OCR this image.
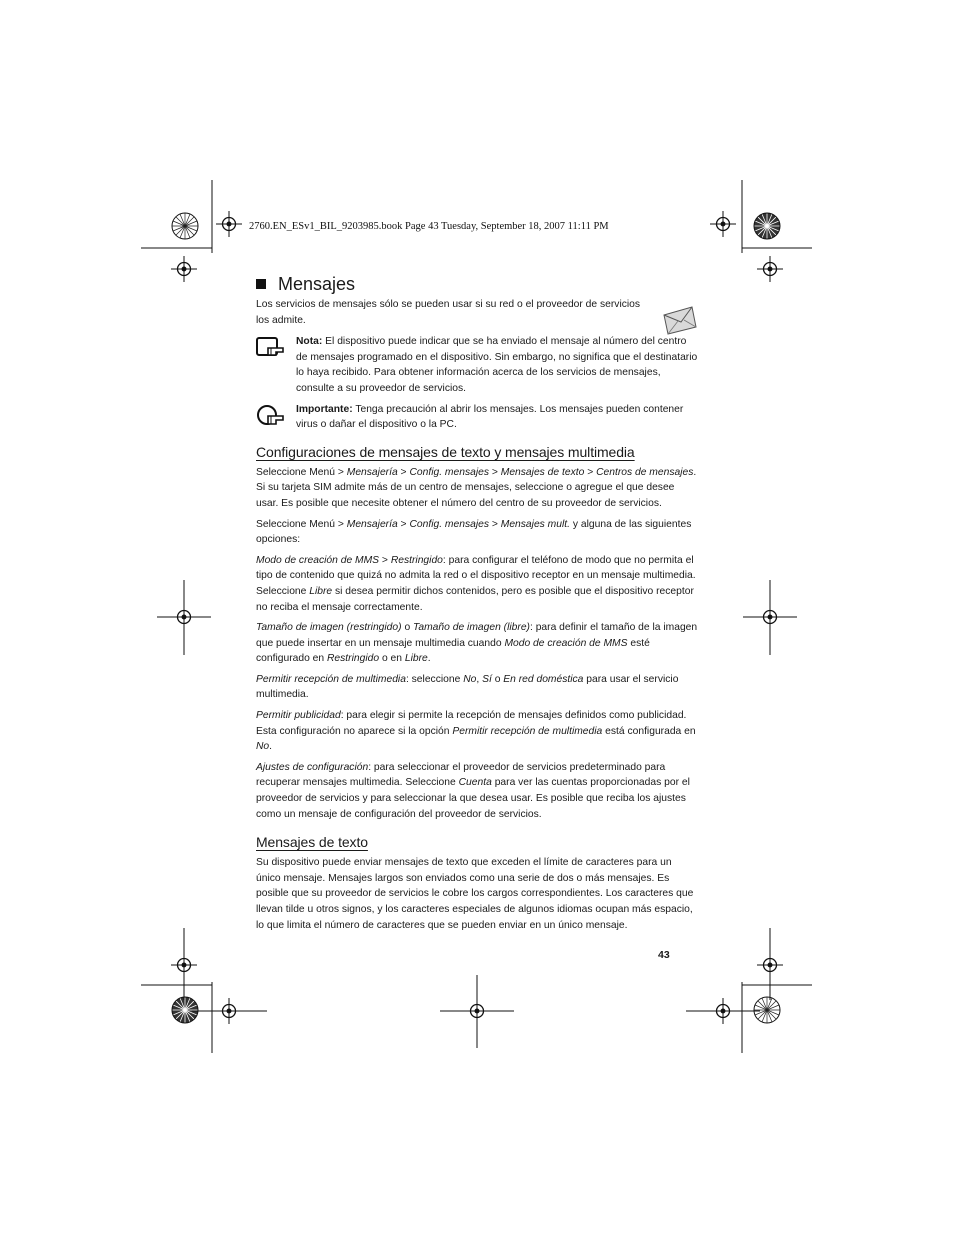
2760.EN_ESv1_BIL_9203985.book Page 43 Tuesday, September 18, 2007 11:11 PM
Mensajes

Los servicios de mensajes sólo se pueden usar si su red o el proveedor de servicios los admite.

Nota: El dispositivo puede indicar que se ha enviado el mensaje al número del centro de mensajes programado en el dispositivo. Sin embargo, no significa que el destinatario lo haya recibido. Para obtener información acerca de los servicios de mensajes, consulte a su proveedor de servicios.

Importante: Tenga precaución al abrir los mensajes. Los mensajes pueden contener virus o dañar el dispositivo o la PC.

Configuraciones de mensajes de texto y mensajes multimedia

Seleccione Menú > Mensajería > Config. mensajes > Mensajes de texto > Centros de mensajes. Si su tarjeta SIM admite más de un centro de mensajes, seleccione o agregue el que desee usar. Es posible que necesite obtener el número del centro de su proveedor de servicios.

Seleccione Menú > Mensajería > Config. mensajes > Mensajes mult. y alguna de las siguientes opciones:

Modo de creación de MMS > Restringido: para configurar el teléfono de modo que no permita el tipo de contenido que quizá no admita la red o el dispositivo receptor en un mensaje multimedia. Seleccione Libre si desea permitir dichos contenidos, pero es posible que el dispositivo receptor no reciba el mensaje correctamente.

Tamaño de imagen (restringido) o Tamaño de imagen (libre): para definir el tamaño de la imagen que puede insertar en un mensaje multimedia cuando Modo de creación de MMS esté configurado en Restringido o en Libre.

Permitir recepción de multimedia: seleccione No, Sí o En red doméstica para usar el servicio multimedia.

Permitir publicidad: para elegir si permite la recepción de mensajes definidos como publicidad. Esta configuración no aparece si la opción Permitir recepción de multimedia está configurada en No.

Ajustes de configuración: para seleccionar el proveedor de servicios predeterminado para recuperar mensajes multimedia. Seleccione Cuenta para ver las cuentas proporcionadas por el proveedor de servicios y para seleccionar la que desea usar. Es posible que reciba los ajustes como un mensaje de configuración del proveedor de servicios.

Mensajes de texto

Su dispositivo puede enviar mensajes de texto que exceden el límite de caracteres para un único mensaje. Mensajes largos son enviados como una serie de dos o más mensajes. Es posible que su proveedor de servicios le cobre los cargos correspondientes. Los caracteres que llevan tilde u otros signos, y los caracteres especiales de algunos idiomas ocupan más espacio, lo que limita el número de caracteres que se pueden enviar en un único mensaje.

43
